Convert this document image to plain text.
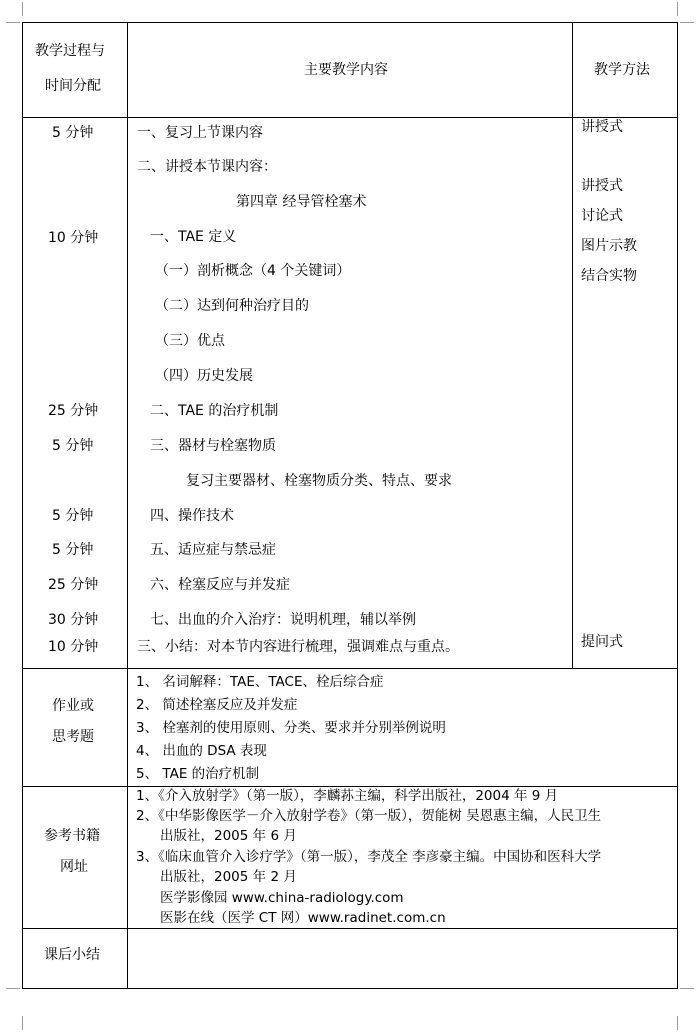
教学过程与
时间分配
主要教学内容	教学方法
5 分钟
10 分钟
25 分钟
5 分钟
5 分钟
5 分钟
25 分钟
30 分钟
10 分钟
一、复习上节课内容
二、讲授本节课内容：
第四章 经导管栓塞术
一、TAE 定义
（一）剖析概念（4 个关键词）
（二）达到何种治疗目的
（三）优点
（四）历史发展
二、TAE 的治疗机制
三、器材与栓塞物质
复习主要器材、栓塞物质分类、特点、要求
四、操作技术
五、适应症与禁忌症
六、栓塞反应与并发症
七、出血的介入治疗：说明机理，辅以举例
三、小结：对本节内容进行梳理，强调难点与重点。
讲授式
讲授式
讨论式
图片示教
结合实物
提问式
作业或
思考题
1、 名词解释：TAE、TACE、栓后综合症
2、 简述栓塞反应及并发症
3、 栓塞剂的使用原则、分类、要求并分别举例说明
4、 出血的 DSA 表现
5、 TAE 的治疗机制
参考书籍
网址
1、《介入放射学》（第一版），李麟荪主编，科学出版社，2004 年 9 月
2、《中华影像医学－介入放射学卷》（第一版），贺能树 吴恩惠主编，人民卫生
出版社，2005 年 6 月
3、《临床血管介入诊疗学》（第一版），李茂全 李彦豪主编。中国协和医科大学
出版社，2005 年 2 月
医学影像园 www.china-radiology.com
医影在线（医学 CT 网）www.radinet.com.cn
课后小结
